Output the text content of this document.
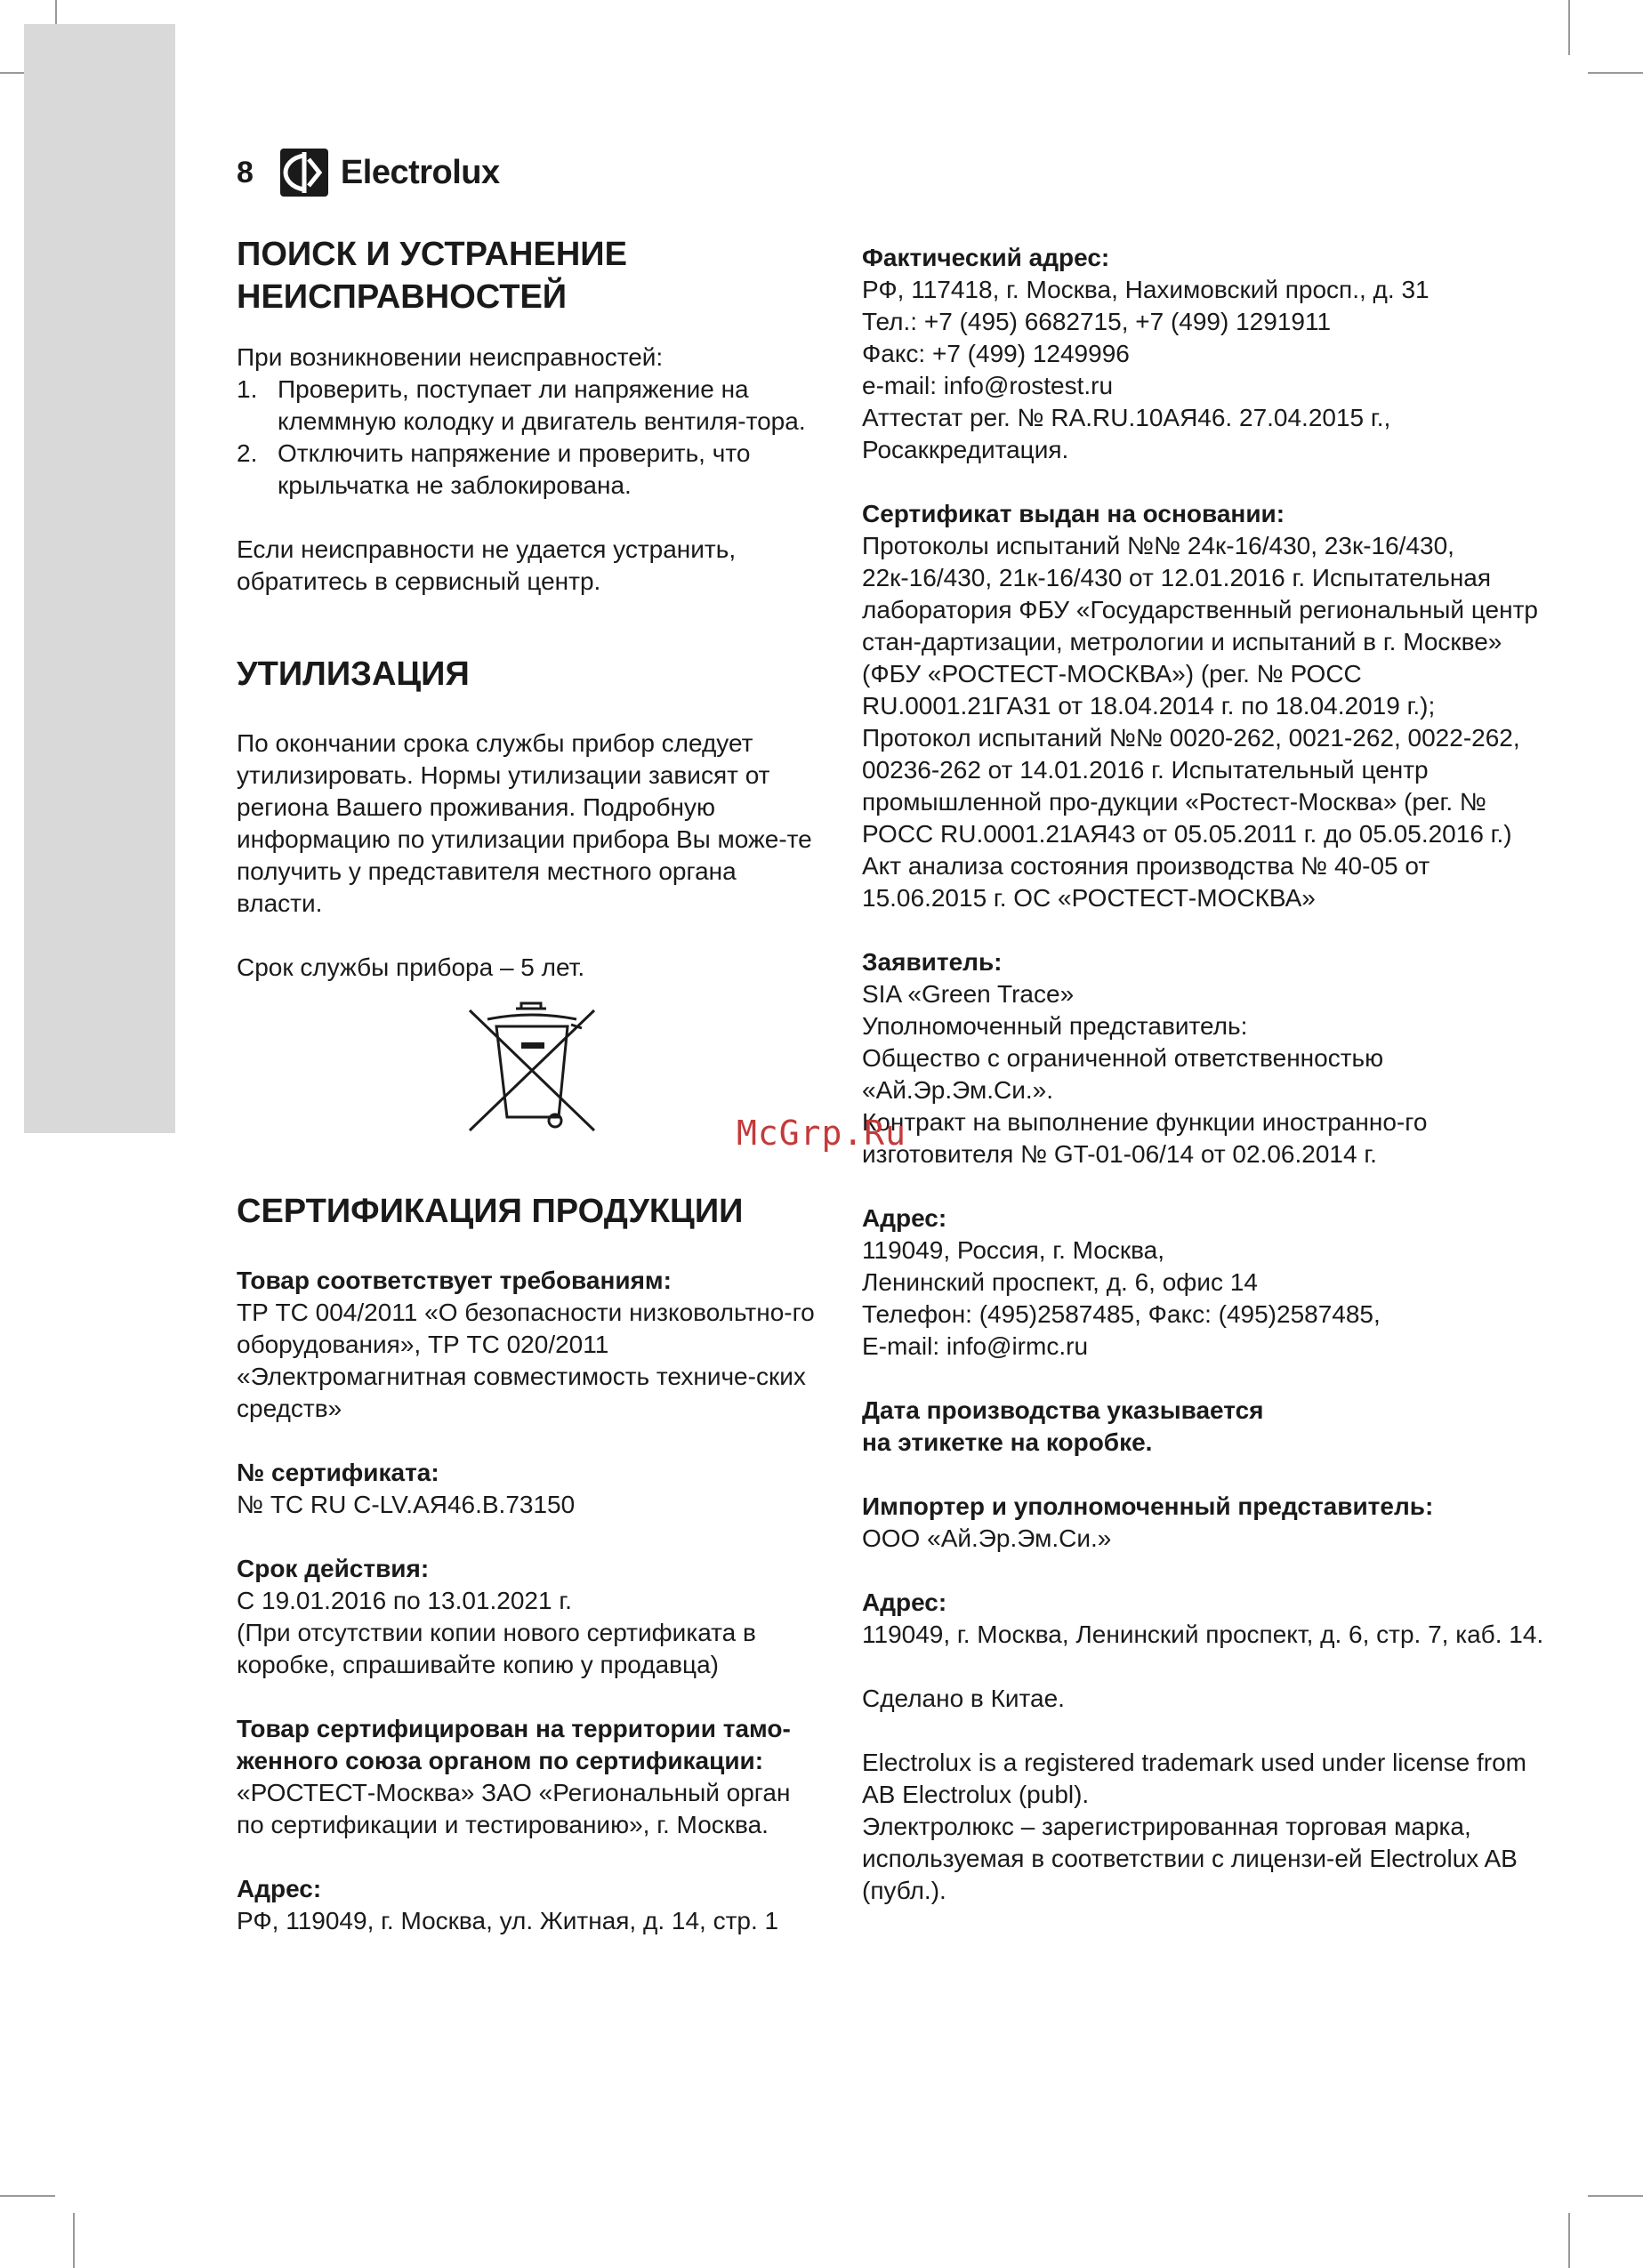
8	Electrolux
ПОИСК И УСТРАНЕНИЕ
НЕИСПРАВНОСТЕЙ

При возникновении неисправностей:

1. Проверить, поступает ли напряжение на клеммную колодку и двигатель вентиля-тора.
2. Отключить напряжение и проверить, что крыльчатка не заблокирована.

Если неисправности не удается устранить, обратитесь в сервисный центр.

УТИЛИЗАЦИЯ

По окончании срока службы прибор следует утилизировать. Нормы утилизации зависят от региона Вашего проживания. Подробную информацию по утилизации прибора Вы може-те получить у представителя местного органа власти.

Срок службы прибора – 5 лет.

СЕРТИФИКАЦИЯ ПРОДУКЦИИ

Товар соответствует требованиям:

ТР ТС 004/2011 «О безопасности низковольтно-го оборудования», ТР ТС 020/2011 «Электромагнитная совместимость техниче-ских средств»

№ сертификата:

№ ТС RU C-LV.АЯ46.В.73150

Срок действия:

С 19.01.2016 по 13.01.2021 г.

(При отсутствии копии нового сертификата в коробке, спрашивайте копию у продавца)

Товар сертифицирован на территории тамо-женного союза органом по сертификации:

«РОСТЕСТ-Москва» ЗАО «Региональный орган по сертификации и тестированию», г. Москва.

Адрес:

РФ, 119049, г. Москва, ул. Житная, д. 14, стр. 1

Фактический адрес:

РФ, 117418, г. Москва, Нахимовский просп., д. 31

Тел.: +7 (495) 6682715, +7 (499) 1291911

Факс: +7 (499) 1249996

e-mail: info@rostest.ru

Аттестат рег. № RA.RU.10АЯ46. 27.04.2015 г., Росаккредитация.

Сертификат выдан на основании:

Протоколы испытаний №№ 24к-16/430, 23к-16/430, 22к-16/430, 21к-16/430 от 12.01.2016 г. Испытательная лаборатория ФБУ «Государственный региональный центр стан-дартизации, метрологии и испытаний в г. Москве» (ФБУ «РОСТЕСТ-МОСКВА») (рег. № РОСС RU.0001.21ГА31 от 18.04.2014 г. по 18.04.2019 г.); Протокол испытаний №№ 0020-262, 0021-262, 0022-262, 00236-262 от 14.01.2016 г. Испытательный центр промышленной про-дукции «Ростест-Москва» (рег. № РОСС RU.0001.21АЯ43 от 05.05.2011 г. до 05.05.2016 г.) Акт анализа состояния производства № 40-05 от 15.06.2015 г. ОС «РОСТЕСТ-МОСКВА»

Заявитель:

SIA «Green Trace»

Уполномоченный представитель:

Общество с ограниченной ответственностью «Ай.Эр.Эм.Си.».

Контракт на выполнение функции иностранно-го изготовителя № GT-01-06/14 от 02.06.2014 г.

Адрес:

119049, Россия, г. Москва,

Ленинский проспект, д. 6, офис 14

Телефон: (495)2587485, Факс: (495)2587485,

E-mail: info@irmc.ru

Дата производства указывается

на этикетке на коробке.

Импортер и уполномоченный представитель:

ООО «Ай.Эр.Эм.Си.»

Адрес:

119049, г. Москва, Ленинский проспект, д. 6, стр. 7, каб. 14.

Сделано в Китае.

Electrolux is a registered trademark used under license from AB Electrolux (publ).

Электролюкс – зарегистрированная торговая марка, используемая в соответствии с лицензи-ей Electrolux AB (публ.).

McGrp.Ru
